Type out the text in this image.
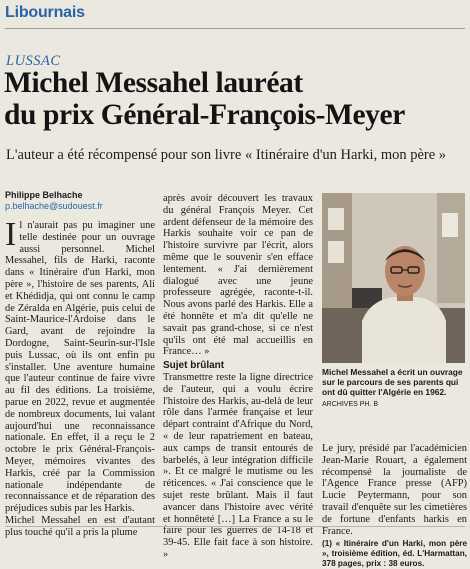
Libournais
LUSSAC
Michel Messahel lauréat
du prix Général-François-Meyer
L'auteur a été récompensé pour son livre « Itinéraire d'un Harki, mon père »
Philippe Belhache
p.belhache@sudouest.fr

Il n'aurait pas pu imaginer une telle destinée pour un ouvrage aussi personnel. Michel Messahel, fils de Harki, raconte dans « Itinéraire d'un Harki, mon père », l'histoire de ses parents, Ali et Khédidja, qui ont connu le camp de Zéralda en Algérie, puis celui de Saint-Maurice-l'Ardoise dans le Gard, avant de rejoindre la Dordogne, Saint-Seurin-sur-l'Isle puis Lussac, où ils ont enfin pu s'installer. Une aventure humaine que l'auteur continue de faire vivre au fil des éditions. La troisième, parue en 2022, revue et augmentée de nombreux documents, lui valant aujourd'hui une reconnaissance nationale. En effet, il a reçu le 2 octobre le prix Général-François-Meyer, mémoires vivantes des Harkis, créé par la Commission nationale indépendante de reconnaissance et de réparation des préjudices subis par les Harkis.

Michel Messahel en est d'autant plus touché qu'il a pris la plume

après avoir découvert les travaux du général François Meyer. Cet ardent défenseur de la mémoire des Harkis souhaite voir ce pan de l'histoire survivre par l'écrit, alors même que le souvenir s'en efface lentement. « J'ai dernièrement dialogué avec une jeune professeure agrégée, raconte-t-il. Nous avons parlé des Harkis. Elle a été honnête et m'a dit qu'elle ne savait pas grand-chose, si ce n'est qu'ils ont été mal accueillis en France… »

Sujet brûlant

Transmettre reste la ligne directrice de l'auteur, qui a voulu écrire l'histoire des Harkis, au-delà de leur rôle dans l'armée française et leur départ contraint d'Afrique du Nord, « de leur rapatriement en bateau, aux camps de transit entourés de barbelés, à leur intégration difficile ». Et ce malgré le mutisme ou les réticences. « J'ai conscience que le sujet reste brûlant. Mais il faut avancer dans l'histoire avec vérité et honnêteté […] La France a su le faire pour les guerres de 14-18 et 39-45. Elle fait face à son histoire. »

Michel Messahel a écrit un ouvrage sur le parcours de ses parents qui ont dû quitter l'Algérie en 1962. ARCHIVES PH. B

Le jury, présidé par l'académicien Jean-Marie Rouart, a également récompensé la journaliste de l'Agence France presse (AFP) Lucie Peytermann, pour son travail d'enquête sur les cimetières de fortune d'enfants harkis en France.

(1) « Itinéraire d'un Harki, mon père », troisième édition, éd. L'Harmattan, 378 pages, prix : 38 euros.
